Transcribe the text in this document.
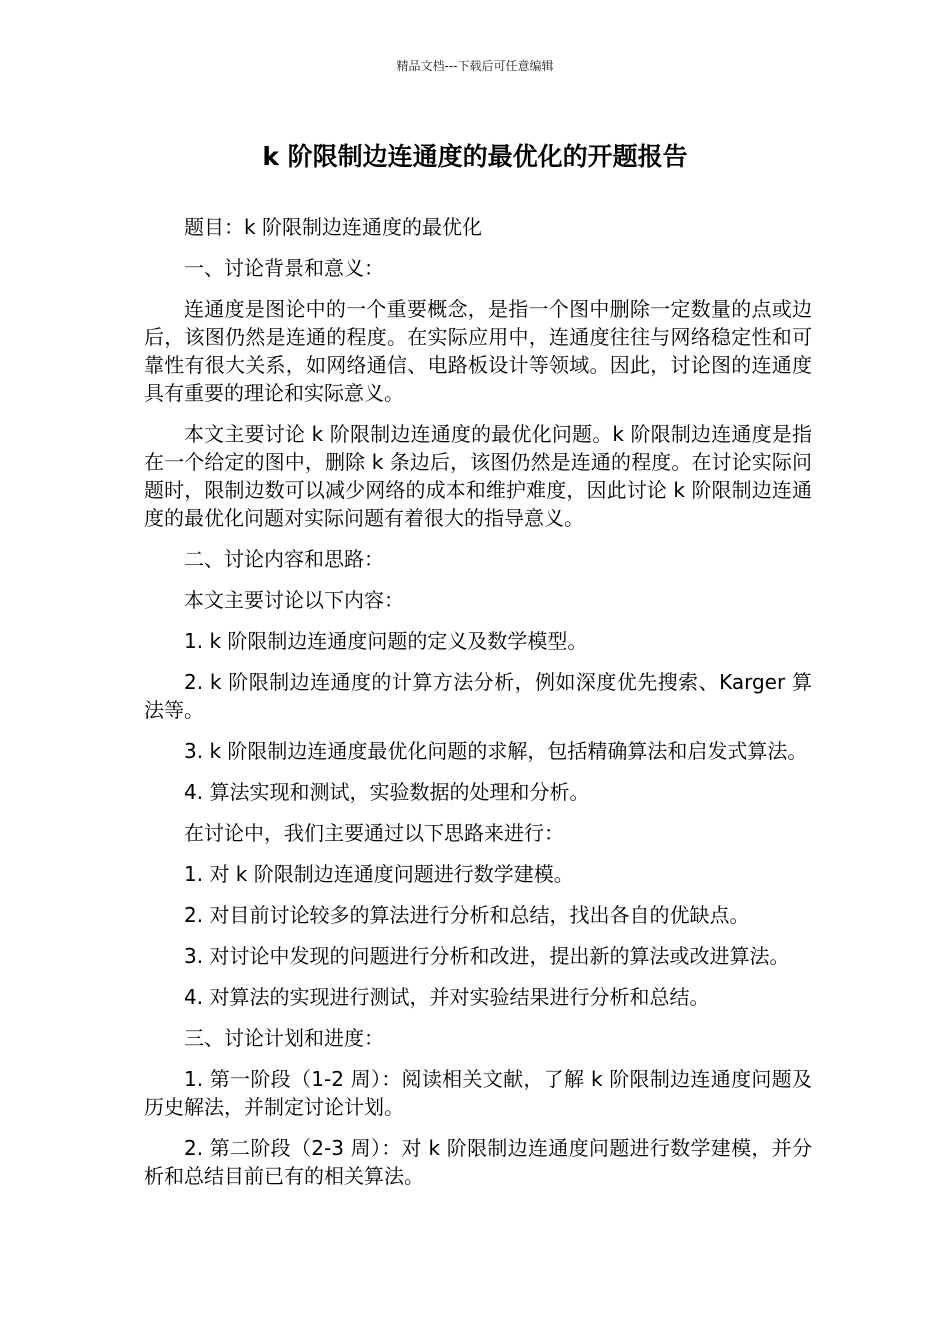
精品文档---下载后可任意编辑
k 阶限制边连通度的最优化的开题报告

题目：k 阶限制边连通度的最优化

一、讨论背景和意义：

连通度是图论中的一个重要概念，是指一个图中删除一定数量的点或边后，该图仍然是连通的程度。在实际应用中，连通度往往与网络稳定性和可靠性有很大关系，如网络通信、电路板设计等领域。因此，讨论图的连通度具有重要的理论和实际意义。

本文主要讨论 k 阶限制边连通度的最优化问题。k 阶限制边连通度是指在一个给定的图中，删除 k 条边后，该图仍然是连通的程度。在讨论实际问题时，限制边数可以减少网络的成本和维护难度，因此讨论 k 阶限制边连通度的最优化问题对实际问题有着很大的指导意义。

二、讨论内容和思路：

本文主要讨论以下内容：

1. k 阶限制边连通度问题的定义及数学模型。

2. k 阶限制边连通度的计算方法分析，例如深度优先搜索、Karger 算法等。

3. k 阶限制边连通度最优化问题的求解，包括精确算法和启发式算法。

4. 算法实现和测试，实验数据的处理和分析。

在讨论中，我们主要通过以下思路来进行：

1. 对 k 阶限制边连通度问题进行数学建模。

2. 对目前讨论较多的算法进行分析和总结，找出各自的优缺点。

3. 对讨论中发现的问题进行分析和改进，提出新的算法或改进算法。

4. 对算法的实现进行测试，并对实验结果进行分析和总结。

三、讨论计划和进度：

1. 第一阶段（1-2 周）：阅读相关文献，了解 k 阶限制边连通度问题及历史解法，并制定讨论计划。

2. 第二阶段（2-3 周）：对 k 阶限制边连通度问题进行数学建模，并分析和总结目前已有的相关算法。
